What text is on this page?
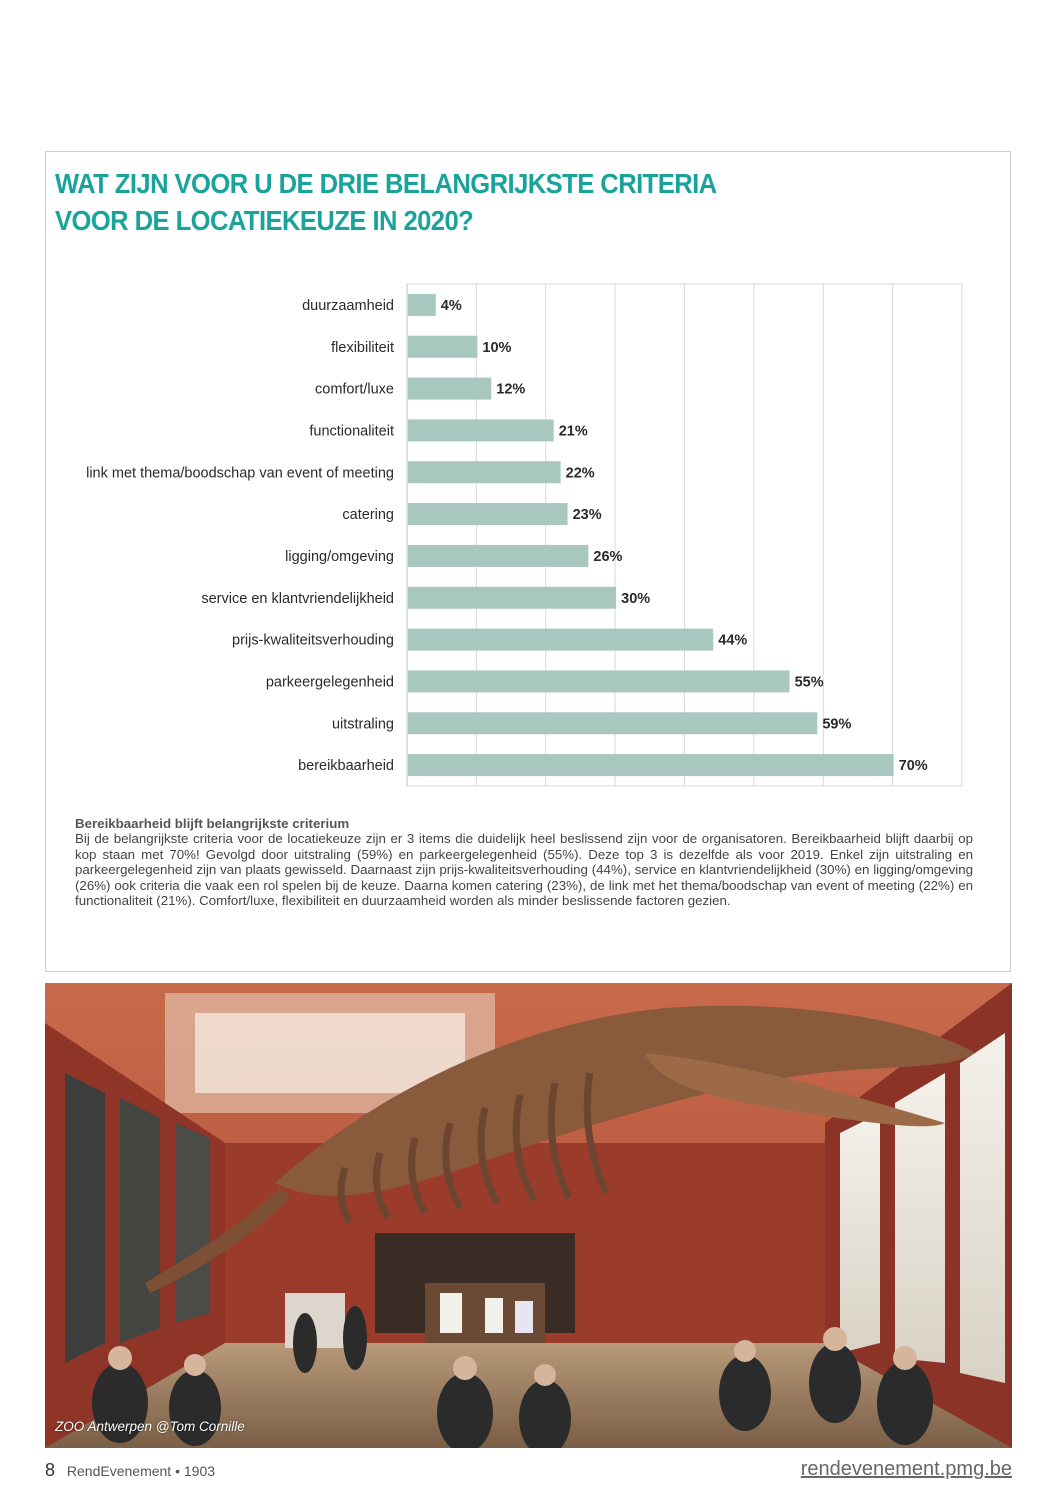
WAT ZIJN VOOR U DE DRIE BELANGRIJKSTE CRITERIA
VOOR DE LOCATIEKEUZE IN 2020?
duurzaamheid	4%
flexibiliteit	10%
comfort/luxe	12%
functionaliteit	21%
link met thema/boodschap van event of meeting	22%
catering	23%
ligging/omgeving	26%
service en klantvriendelijkheid	30%
prijs-kwaliteitsverhouding	44%
parkeergelegenheid	55%
uitstraling	59%
bereikbaarheid	70%
Bereikbaarheid blijft belangrijkste criterium
Bij de belangrijkste criteria voor de locatiekeuze zijn er 3 items die duidelijk heel beslissend zijn voor de organisatoren. Bereikbaarheid blijft daarbij op kop staan met 70%! Gevolgd door uitstraling (59%) en parkeergelegenheid (55%). Deze top 3 is dezelfde als voor 2019. Enkel zijn uitstraling en parkeergelegenheid zijn van plaats gewisseld. Daarnaast zijn prijs-kwaliteitsverhouding (44%), service en klantvriendelijkheid (30%) en ligging/omgeving (26%) ook criteria die vaak een rol spelen bij de keuze. Daarna komen catering (23%), de link met het thema/boodschap van event of meeting (22%) en functionaliteit (21%). Comfort/luxe, flexibiliteit en duurzaamheid worden als minder beslissende factoren gezien.
ZOO Antwerpen @Tom Cornille
8 RendEvenement • 1903	rendevenement.pmg.be
